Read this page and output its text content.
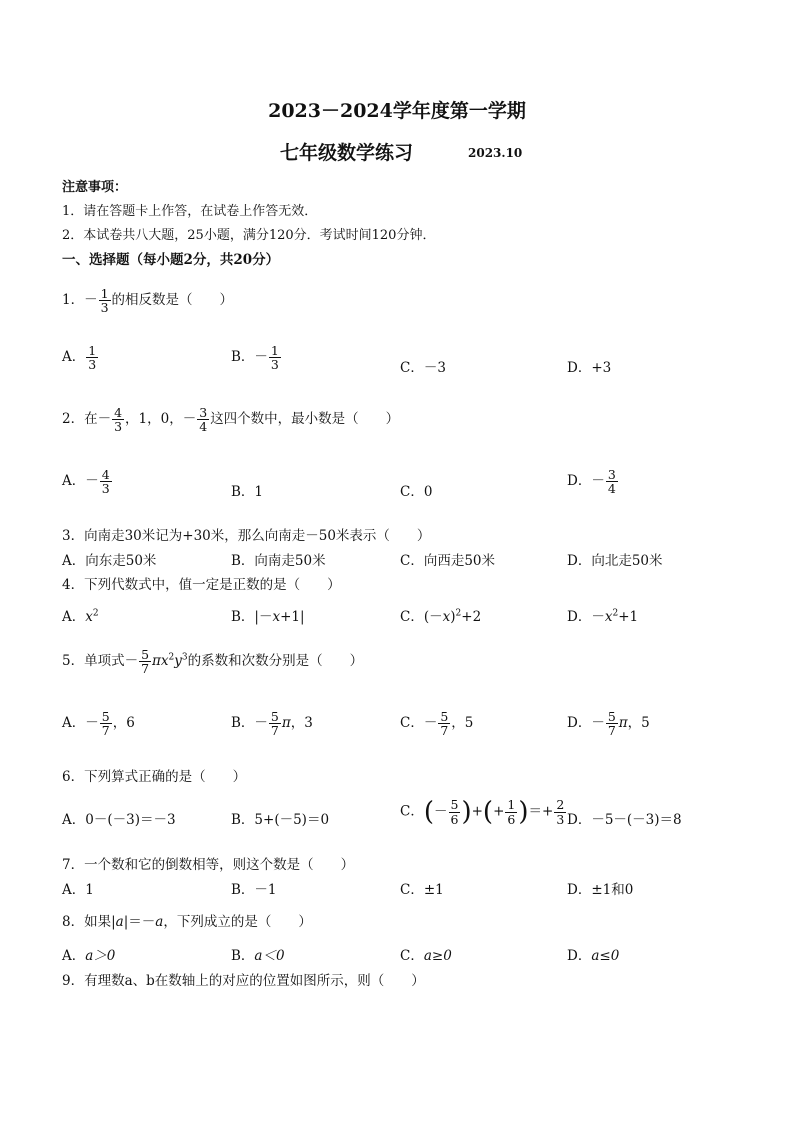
2023－2024学年度第一学期
七年级数学练习	2023.10
注意事项：
1．请在答题卡上作答，在试卷上作答无效．
2．本试卷共八大题，25小题，满分120分．考试时间120分钟．
一、选择题（每小题2分，共20分）
1．－ $\frac{1}{3}$ 的相反数是（　　）
A． $\frac{1}{3}$	B．－ $\frac{1}{3}$	C．－3	D．+3
2．在－ $\frac{4}{3}$ ，1，0，－ $\frac{3}{4}$ 这四个数中，最小数是（　　）
A．－ $\frac{4}{3}$	B．1	C．0
D．－ $\frac{3}{4}$
3．向南走30米记为+30米，那么向南走－50米表示（　　）
A．向东走50米	B．向南走50米	C．向西走50米	D．向北走50米
4．下列代数式中，值一定是正数的是（　　）
A．$x^2$	B．|－x+1|	C．$(-x)^2+2$	D．$-x^2+1$
5．单项式－ $\frac{5}{7} \pi x^2y^3$的系数和次数分别是（　　）
A．－ $\frac{5}{7}$ ，6	B．－ $\frac{5}{7}$ π，3	C．－ $\frac{5}{7}$ ，5	D．－ $\frac{5}{7}$ π，5
6．下列算式正确的是（　　）
A．0－(－3)＝－3	B．5+(－5)＝0
C．(－ $\frac{5}{6}$ )+(+ $\frac{1}{6}$ )＝+ $\frac{2}{3}$ D．－5－(－3)＝8
7．一个数和它的倒数相等，则这个数是（　　）
A．1	B．－1	C．±1	D．±1和0
8．如果|a|＝－a，下列成立的是（　　）
A．a＞0	B．a＜0	C．a≥0	D．a≤0
9．有理数a、b在数轴上的对应的位置如图所示，则（　　）
